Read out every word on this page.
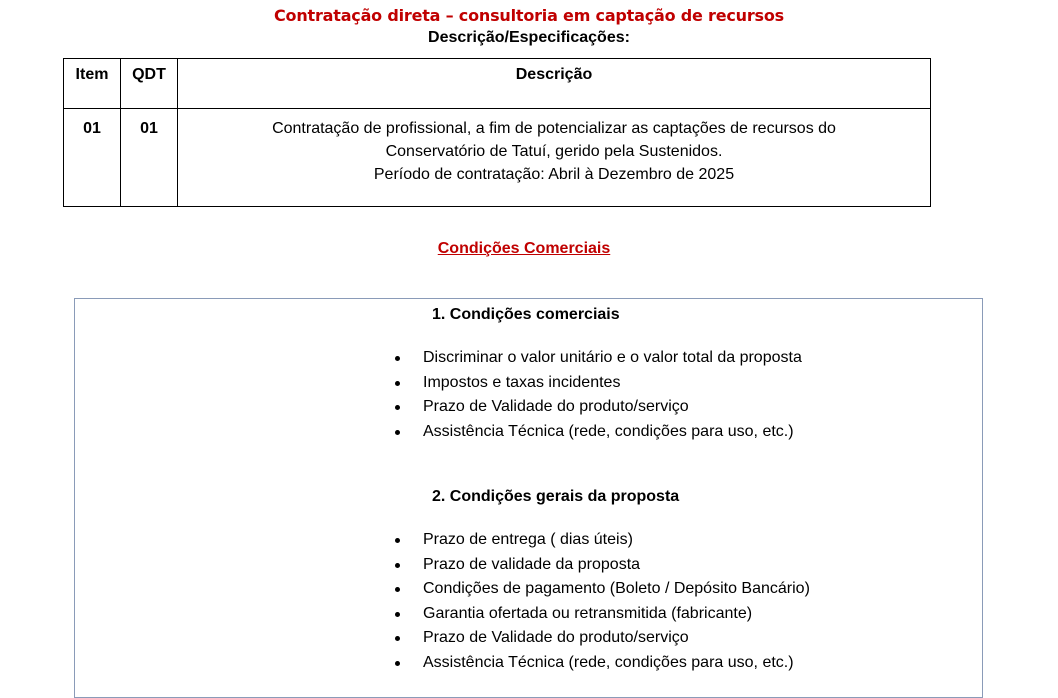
Contratação direta – consultoria em captação de recursos
Descrição/Especificações:
Item	QDT	Descrição
01	01	Contratação de profissional, a fim de potencializar as captações de recursos do
Conservatório de Tatuí, gerido pela Sustenidos.
Período de contratação: Abril à Dezembro de 2025
Condições Comerciais
1. Condições comerciais
Discriminar o valor unitário e o valor total da proposta
Impostos e taxas incidentes
Prazo de Validade do produto/serviço
Assistência Técnica (rede, condições para uso, etc.)
2. Condições gerais da proposta
Prazo de entrega ( dias úteis)
Prazo de validade da proposta
Condições de pagamento (Boleto / Depósito Bancário)
Garantia ofertada ou retransmitida (fabricante)
Prazo de Validade do produto/serviço
Assistência Técnica (rede, condições para uso, etc.)
